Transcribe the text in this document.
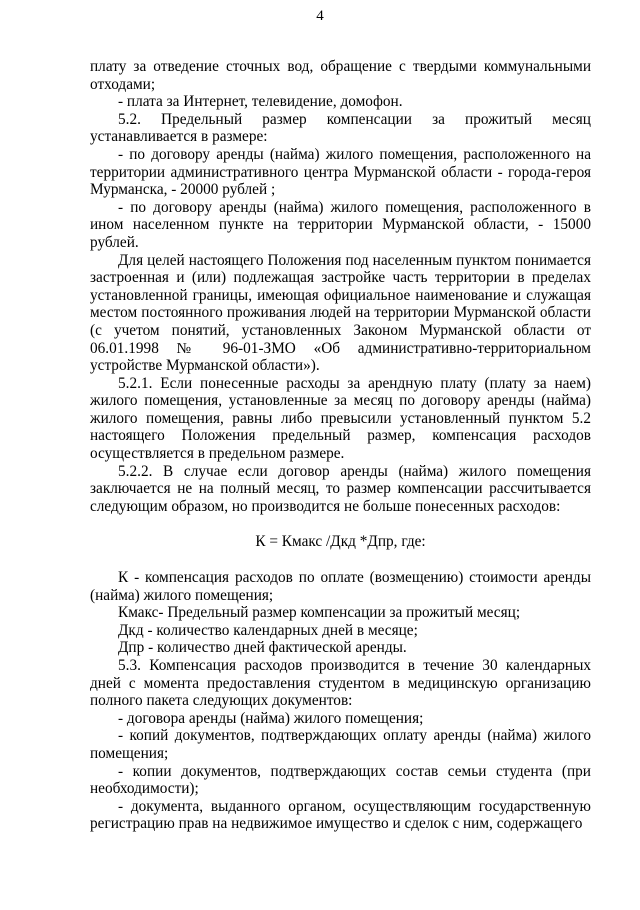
4

плату за отведение сточных вод, обращение с твердыми коммунальными отходами;

- плата за Интернет, телевидение, домофон.

5.2. Предельный размер компенсации за прожитый месяц устанавливается в размере:

- по договору аренды (найма) жилого помещения, расположенного на территории административного центра Мурманской области - города-героя Мурманска, - 20000 рублей ;

- по договору аренды (найма) жилого помещения, расположенного в ином населенном пункте на территории Мурманской области, - 15000 рублей.

Для целей настоящего Положения под населенным пунктом понимается застроенная и (или) подлежащая застройке часть территории в пределах установленной границы, имеющая официальное наименование и служащая местом постоянного проживания людей на территории Мурманской области (с учетом понятий, установленных Законом Мурманской области от 06.01.1998 № 96-01-ЗМО «Об административно-территориальном устройстве Мурманской области»).

5.2.1. Если понесенные расходы за арендную плату (плату за наем) жилого помещения, установленные за месяц по договору аренды (найма) жилого помещения, равны либо превысили установленный пунктом 5.2 настоящего Положения предельный размер, компенсация расходов осуществляется в предельном размере.

5.2.2. В случае если договор аренды (найма) жилого помещения заключается не на полный месяц, то размер компенсации рассчитывается следующим образом, но производится не больше понесенных расходов:

К = Кмакс /Дкд *Дпр, где:

К - компенсация расходов по оплате (возмещению) стоимости аренды (найма) жилого помещения;

Кмакс- Предельный размер компенсации за прожитый месяц;

Дкд - количество календарных дней в месяце;

Дпр - количество дней фактической аренды.

5.3. Компенсация расходов производится в течение 30 календарных дней с момента предоставления студентом в медицинскую организацию полного пакета следующих документов:

- договора аренды (найма) жилого помещения;

- копий документов, подтверждающих оплату аренды (найма) жилого помещения;

- копии документов, подтверждающих состав семьи студента (при необходимости);

- документа, выданного органом, осуществляющим государственную регистрацию прав на недвижимое имущество и сделок с ним, содержащего
